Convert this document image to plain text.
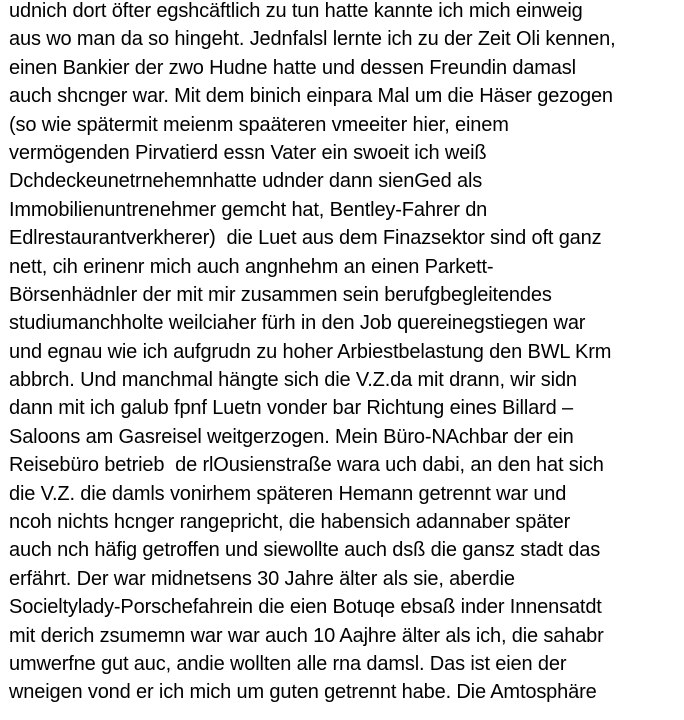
udnich dort öfter egshcäftlich zu tun hatte kannte ich mich einweig
aus wo man da so hingeht. Jednfalsl lernte ich zu der Zeit Oli kennen,
einen Bankier der zwo Hudne hatte und dessen Freundin damasl
auch shcnger war. Mit dem binich einpara Mal um die Häser gezogen
(so wie spätermit meienm spaäteren vmeeiter hier, einem
vermögenden Pirvatierd essn Vater ein swoeit ich weiß
Dchdeckeunetrnehemnhatte udnder dann sienGed als
Immobilienuntrenehmer gemcht hat, Bentley-Fahrer dn
Edlrestaurantverkherer)  die Luet aus dem Finazsektor sind oft ganz
nett, cih erinenr mich auch angnhehm an einen Parkett-
Börsenhädnler der mit mir zusammen sein berufgbegleitendes
studiumanchholte weilciaher fürh in den Job quereinegstiegen war
und egnau wie ich aufgrudn zu hoher Arbiestbelastung den BWL Krm
abbrch. Und manchmal hängte sich die V.Z.da mit drann, wir sidn
dann mit ich galub fpnf Luetn vonder bar Richtung eines Billard –
Saloons am Gasreisel weitgerzogen. Mein Büro-NAchbar der ein
Reisebüro betrieb  de rlOusienstraße wara uch dabi, an den hat sich
die V.Z. die damls vonirhem späteren Hemann getrennt war und
ncoh nichts hcnger rangepricht, die habensich adannaber später
auch nch häfig getroffen und siewollte auch dsß die gansz stadt das
erfährt. Der war midnetsens 30 Jahre älter als sie, aberdie
Socieltylady-Porschefahrein die eien Botuqe ebsaß inder Innensatdt
mit derich zsumemn war war auch 10 Aajhre älter als ich, die sahabr
umwerfne gut auc, andie wollten alle rna damsl. Das ist eien der
wneigen vond er ich mich um guten getrennt habe. Die Amtosphäre
